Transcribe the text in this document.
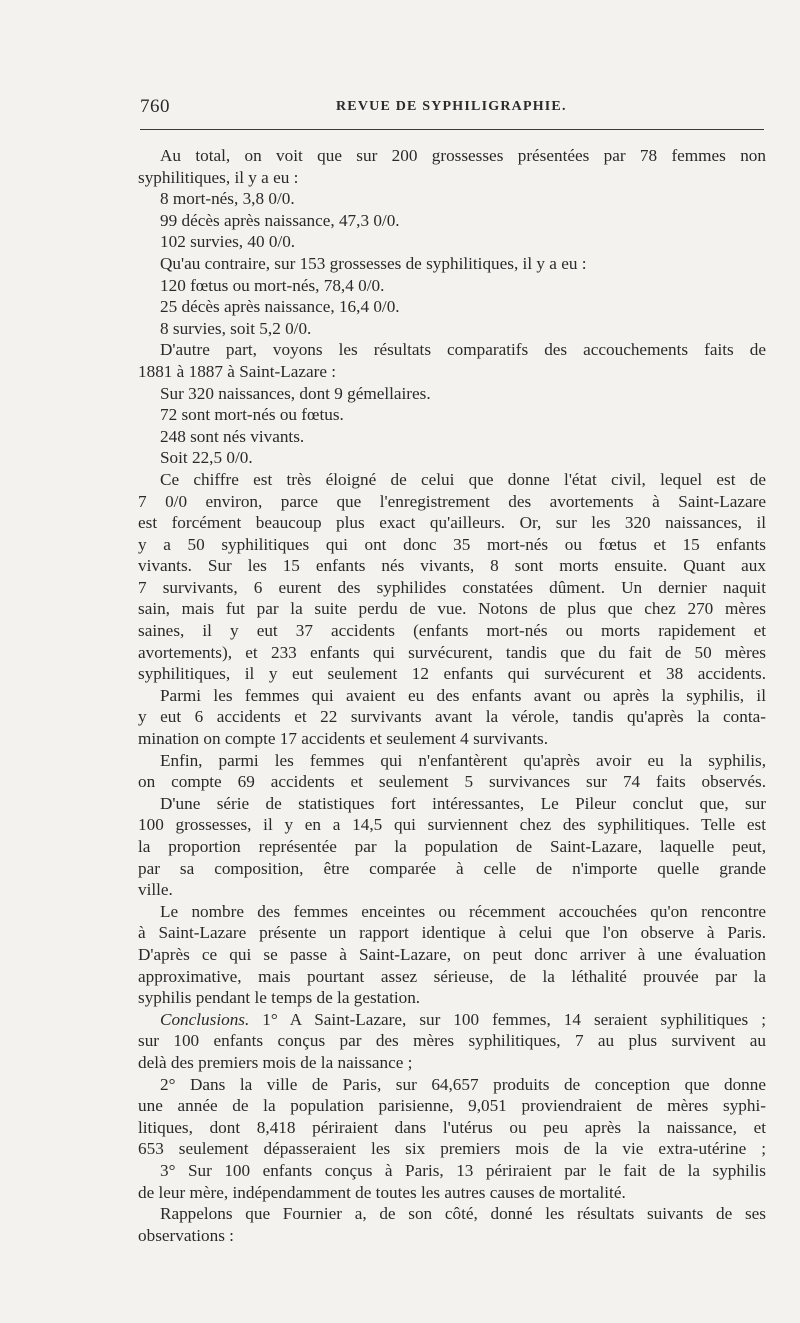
760	REVUE DE SYPHILIGRAPHIE.
Au total, on voit que sur 200 grossesses présentées par 78 femmes non
syphilitiques, il y a eu :
8 mort-nés, 3,8 0/0.
99 décès après naissance, 47,3 0/0.
102 survies, 40 0/0.
Qu'au contraire, sur 153 grossesses de syphilitiques, il y a eu :
120 fœtus ou mort-nés, 78,4 0/0.
25 décès après naissance, 16,4 0/0.
8 survies, soit 5,2 0/0.
D'autre part, voyons les résultats comparatifs des accouchements faits de
1881 à 1887 à Saint-Lazare :
Sur 320 naissances, dont 9 gémellaires.
72 sont mort-nés ou fœtus.
248 sont nés vivants.
Soit 22,5 0/0.
Ce chiffre est très éloigné de celui que donne l'état civil, lequel est de
7 0/0 environ, parce que l'enregistrement des avortements à Saint-Lazare
est forcément beaucoup plus exact qu'ailleurs. Or, sur les 320 naissances, il
y a 50 syphilitiques qui ont donc 35 mort-nés ou fœtus et 15 enfants
vivants. Sur les 15 enfants nés vivants, 8 sont morts ensuite. Quant aux
7 survivants, 6 eurent des syphilides constatées dûment. Un dernier naquit
sain, mais fut par la suite perdu de vue. Notons de plus que chez 270 mères
saines, il y eut 37 accidents (enfants mort-nés ou morts rapidement et
avortements), et 233 enfants qui survécurent, tandis que du fait de 50 mères
syphilitiques, il y eut seulement 12 enfants qui survécurent et 38 accidents.
Parmi les femmes qui avaient eu des enfants avant ou après la syphilis, il
y eut 6 accidents et 22 survivants avant la vérole, tandis qu'après la conta-
mination on compte 17 accidents et seulement 4 survivants.
Enfin, parmi les femmes qui n'enfantèrent qu'après avoir eu la syphilis,
on compte 69 accidents et seulement 5 survivances sur 74 faits observés.
D'une série de statistiques fort intéressantes, Le Pileur conclut que, sur
100 grossesses, il y en a 14,5 qui surviennent chez des syphilitiques. Telle est
la proportion représentée par la population de Saint-Lazare, laquelle peut,
par sa composition, être comparée à celle de n'importe quelle grande
ville.
Le nombre des femmes enceintes ou récemment accouchées qu'on rencontre
à Saint-Lazare présente un rapport identique à celui que l'on observe à Paris.
D'après ce qui se passe à Saint-Lazare, on peut donc arriver à une évaluation
approximative, mais pourtant assez sérieuse, de la léthalité prouvée par la
syphilis pendant le temps de la gestation.
Conclusions. 1° A Saint-Lazare, sur 100 femmes, 14 seraient syphilitiques ;
sur 100 enfants conçus par des mères syphilitiques, 7 au plus survivent au
delà des premiers mois de la naissance ;
2° Dans la ville de Paris, sur 64,657 produits de conception que donne
une année de la population parisienne, 9,051 proviendraient de mères syphi-
litiques, dont 8,418 périraient dans l'utérus ou peu après la naissance, et
653 seulement dépasseraient les six premiers mois de la vie extra-utérine ;
3° Sur 100 enfants conçus à Paris, 13 périraient par le fait de la syphilis
de leur mère, indépendamment de toutes les autres causes de mortalité.
Rappelons que Fournier a, de son côté, donné les résultats suivants de ses
observations :
